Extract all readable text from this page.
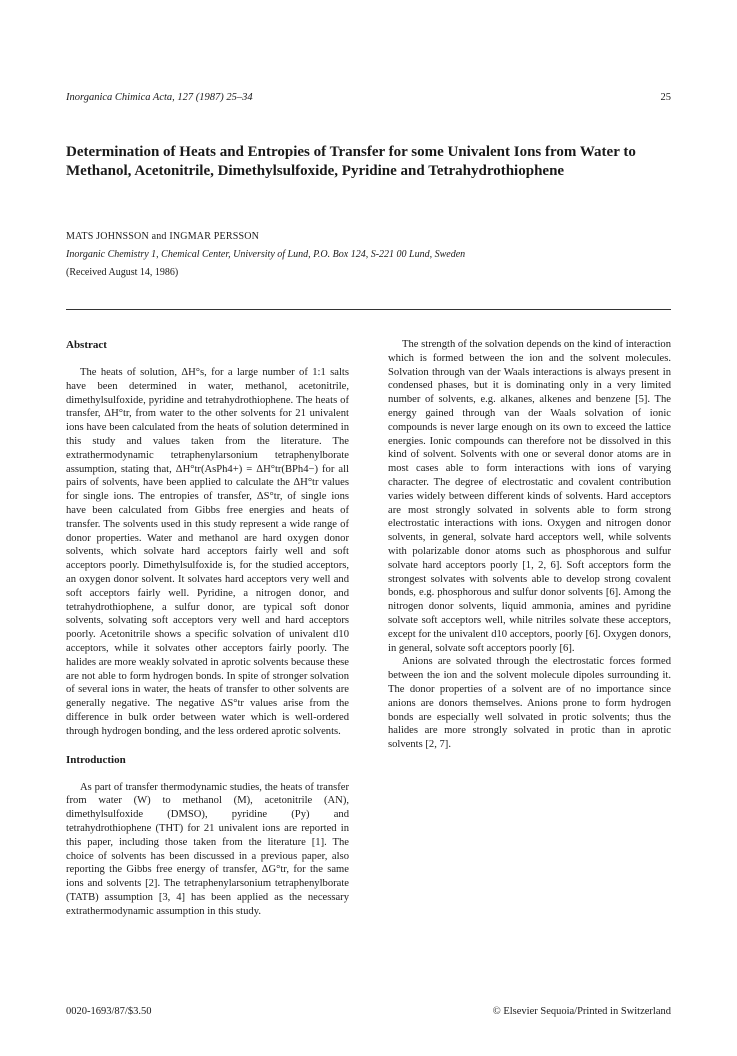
Inorganica Chimica Acta, 127 (1987) 25–34	25
Determination of Heats and Entropies of Transfer for some Univalent Ions from Water to Methanol, Acetonitrile, Dimethylsulfoxide, Pyridine and Tetrahydrothiophene
MATS JOHNSSON and INGMAR PERSSON
Inorganic Chemistry 1, Chemical Center, University of Lund, P.O. Box 124, S-221 00 Lund, Sweden
(Received August 14, 1986)
Abstract

The heats of solution, ΔH°s, for a large number of 1:1 salts have been determined in water, methanol, acetonitrile, dimethylsulfoxide, pyridine and tetrahydrothiophene. The heats of transfer, ΔH°tr, from water to the other solvents for 21 univalent ions have been calculated from the heats of solution determined in this study and values taken from the literature. The extrathermodynamic tetraphenylarsonium tetraphenylborate assumption, stating that, ΔH°tr(AsPh4+) = ΔH°tr(BPh4−) for all pairs of solvents, have been applied to calculate the ΔH°tr values for single ions. The entropies of transfer, ΔS°tr, of single ions have been calculated from Gibbs free energies and heats of transfer. The solvents used in this study represent a wide range of donor properties. Water and methanol are hard oxygen donor solvents, which solvate hard acceptors fairly well and soft acceptors poorly. Dimethylsulfoxide is, for the studied acceptors, an oxygen donor solvent. It solvates hard acceptors very well and soft acceptors fairly well. Pyridine, a nitrogen donor, and tetrahydrothiophene, a sulfur donor, are typical soft donor solvents, solvating soft acceptors very well and hard acceptors poorly. Acetonitrile shows a specific solvation of univalent d10 acceptors, while it solvates other acceptors fairly poorly. The halides are more weakly solvated in aprotic solvents because these are not able to form hydrogen bonds. In spite of stronger solvation of several ions in water, the heats of transfer to other solvents are generally negative. The negative ΔS°tr values arise from the difference in bulk order between water which is well-ordered through hydrogen bonding, and the less ordered aprotic solvents.

Introduction

As part of transfer thermodynamic studies, the heats of transfer from water (W) to methanol (M), acetonitrile (AN), dimethylsulfoxide (DMSO), pyridine (Py) and tetrahydrothiophene (THT) for 21 univalent ions are reported in this paper, including those taken from the literature [1]. The choice of solvents has been discussed in a previous paper, also reporting the Gibbs free energy of transfer, ΔG°tr, for the same ions and solvents [2]. The tetraphenylarsonium tetraphenylborate (TATB) assumption [3, 4] has been applied as the necessary extrathermodynamic assumption in this study.

The strength of the solvation depends on the kind of interaction which is formed between the ion and the solvent molecules. Solvation through van der Waals interactions is always present in condensed phases, but it is dominating only in a very limited number of solvents, e.g. alkanes, alkenes and benzene [5]. The energy gained through van der Waals solvation of ionic compounds is never large enough on its own to exceed the lattice energies. Ionic compounds can therefore not be dissolved in this kind of solvent. Solvents with one or several donor atoms are in most cases able to form interactions with ions of varying character. The degree of electrostatic and covalent contribution varies widely between different kinds of solvents. Hard acceptors are most strongly solvated in solvents able to form strong electrostatic interactions with ions. Oxygen and nitrogen donor solvents, in general, solvate hard acceptors well, while solvents with polarizable donor atoms such as phosphorous and sulfur solvate hard acceptors poorly [1, 2, 6]. Soft acceptors form the strongest solvates with solvents able to develop strong covalent bonds, e.g. phosphorous and sulfur donor solvents [6]. Among the nitrogen donor solvents, liquid ammonia, amines and pyridine solvate soft acceptors well, while nitriles solvate these acceptors, except for the univalent d10 acceptors, poorly [6]. Oxygen donors, in general, solvate soft acceptors poorly [6].

Anions are solvated through the electrostatic forces formed between the ion and the solvent molecule dipoles surrounding it. The donor properties of a solvent are of no importance since anions are donors themselves. Anions prone to form hydrogen bonds are especially well solvated in protic solvents; thus the halides are more strongly solvated in protic than in aprotic solvents [2, 7].

0020-1693/87/$3.50	© Elsevier Sequoia/Printed in Switzerland
